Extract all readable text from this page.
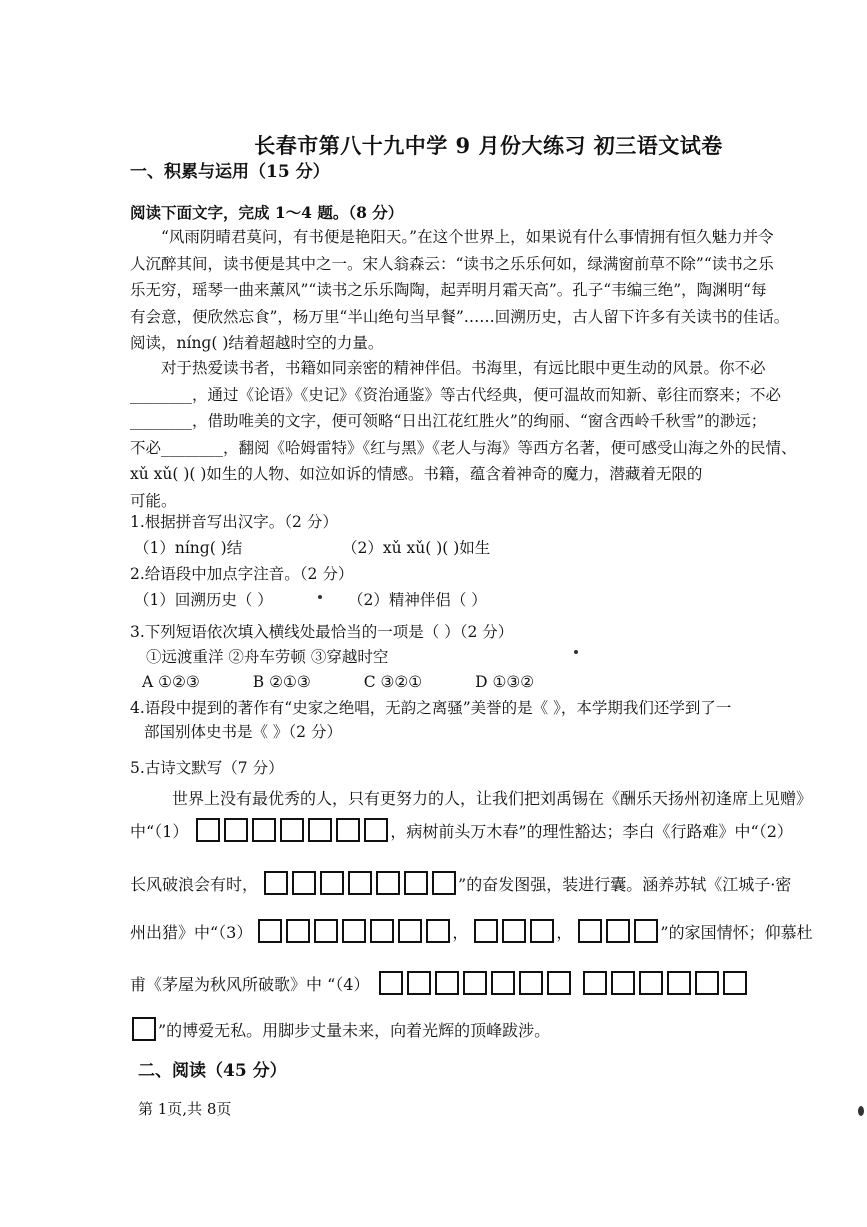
长春市第八十九中学 9 月份大练习 初三语文试卷
一、积累与运用（15 分）
阅读下面文字，完成 1～4 题。（8 分）

“风雨阴晴君莫问，有书便是艳阳天。”在这个世界上，如果说有什么事情拥有恒久魅力并令

人沉醉其间，读书便是其中之一。宋人翁森云：“读书之乐乐何如，绿满窗前草不除”“读书之乐

乐无穷，瑶琴一曲来薰风”“读书之乐乐陶陶，起弄明月霜天高”。孔子“韦编三绝”，陶渊明“每

有会意，便欣然忘食”，杨万里“半山绝句当早餐”……回溯历史，古人留下许多有关读书的佳话。

阅读，nínɡ( )结着超越时空的力量。

对于热爱读书者，书籍如同亲密的精神伴侣。书海里，有远比眼中更生动的风景。你不必

________，通过《论语》《史记》《资治通鉴》等古代经典，便可温故而知新、彰往而察来；不必

________，借助唯美的文字，便可领略“日出江花红胜火”的绚丽、“窗含西岭千秋雪”的渺远；

不必________，翻阅《哈姆雷特》《红与黑》《老人与海》等西方名著，便可感受山海之外的民情、

xǔ xǔ( )( )如生的人物、如泣如诉的情感。书籍，蕴含着神奇的魔力，潜藏着无限的

可能。

1.根据拼音写出汉字。（2 分）
（1）nínɡ( )结	（2）xǔ xǔ( )( )如生
2.给语段中加点字注音。（2 分）
（1）回溯历史（ ）	（2）精神伴侣（ ）
3.下列短语依次填入横线处最恰当的一项是（ ）（2 分）
①远渡重洋 ②舟车劳顿 ③穿越时空
A ①②③	B ②①③	C ③②①	D ①③②
4.语段中提到的著作有“史家之绝唱，无韵之离骚”美誉的是《 》，本学期我们还学到了一
部国别体史书是《 》（2 分）
5.古诗文默写（7 分）
世界上没有最优秀的人，只有更努力的人，让我们把刘禹锡在《酬乐天扬州初逢席上见赠》
中“（1）	，病树前头万木春”的理性豁达；李白《行路难》中“（2）
长风破浪会有时，	”的奋发图强，装进行囊。涵养苏轼《江城子·密
州出猎》中“（3）	，	，	”的家国情怀；仰慕杜
甫《茅屋为秋风所破歌》中 “（4）
”的博爱无私。用脚步丈量未来，向着光辉的顶峰跋涉。
二、阅读（45 分）
第 1页,共 8页
